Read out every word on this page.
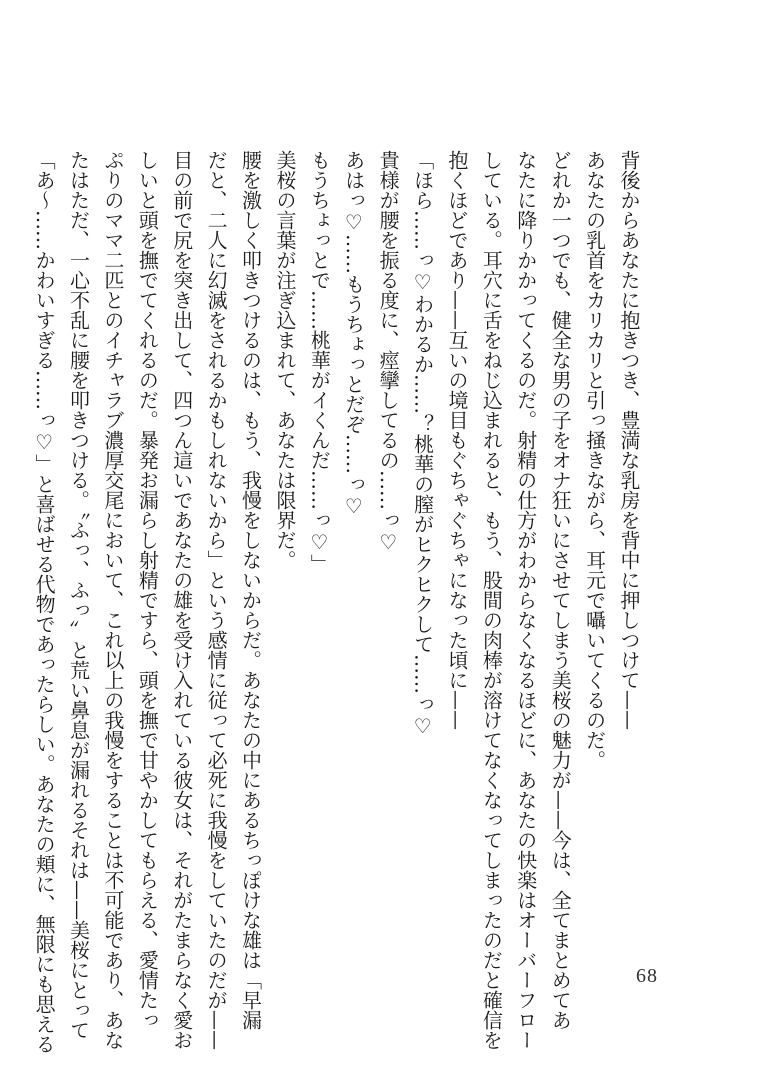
背後からあなたに抱きつき、豊満な乳房を背中に押しつけて——

あなたの乳首をカリカリと引っ掻きながら、耳元で囁いてくるのだ。

どれか一つでも、健全な男の子をオナ狂いにさせてしまう美桜の魅力が——今は、全てまとめてあ

なたに降りかかってくるのだ。射精の仕方がわからなくなるほどに、あなたの快楽はオーバーフロー

している。耳穴に舌をねじ込まれると、もう、股間の肉棒が溶けてなくなってしまったのだと確信を

抱くほどであり——互いの境目もぐちゃぐちゃになった頃に——

「ほら……っ♡わかるか……？桃華の膣がヒクヒクして……っ♡

貴様が腰を振る度に、痙攣してるの……っ♡

あはっ♡……もうちょっとだぞ……っ♡

もうちょっとで……桃華がイくんだ……っ♡」

美桜の言葉が注ぎ込まれて、あなたは限界だ。

腰を激しく叩きつけるのは、もう、我慢をしないからだ。あなたの中にあるちっぽけな雄は「早漏

だと、二人に幻滅をされるかもしれないから」という感情に従って必死に我慢をしていたのだが——

目の前で尻を突き出して、四つん這いであなたの雄を受け入れている彼女は、それがたまらなく愛お

しいと頭を撫でてくれるのだ。暴発お漏らし射精ですら、頭を撫で甘やかしてもらえる、愛情たっ

ぷりのママ二匹とのイチャラブ濃厚交尾において、これ以上の我慢をすることは不可能であり、あな

たはただ、一心不乱に腰を叩きつける。〝ふっ、ふっ〟と荒い鼻息が漏れるそれは——美桜にとって

「あ〜……かわいすぎる……っ♡」と喜ばせる代物であったらしい。あなたの頬に、無限にも思える	68
